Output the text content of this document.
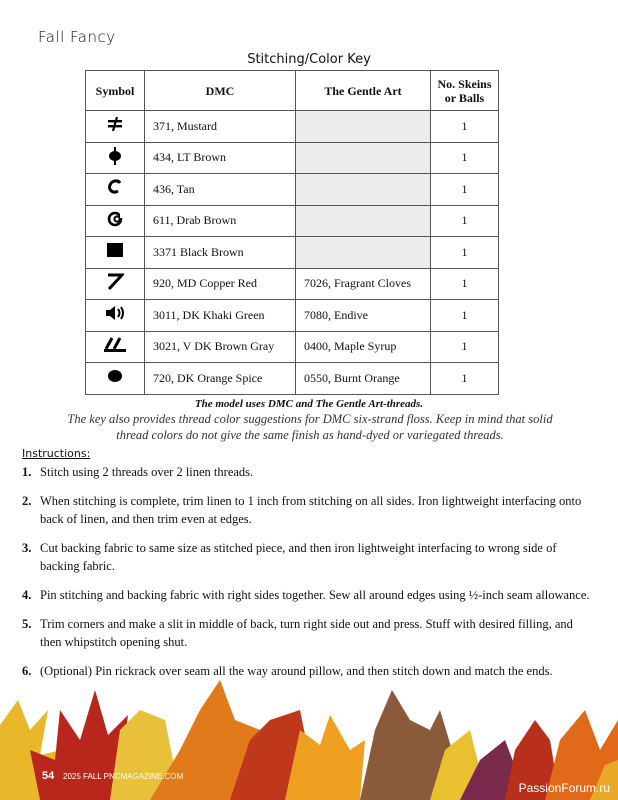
Fall Fancy
Stitching/Color Key
Symbol	DMC	The Gentle Art	No. Skeins or Balls
	371, Mustard		1
	434, LT Brown		1
	436, Tan		1
	611, Drab Brown		1
	3371 Black Brown		1
	920, MD Copper Red	7026, Fragrant Cloves	1
	3011, DK Khaki Green	7080, Endive	1
	3021, V DK Brown Gray	0400, Maple Syrup	1
	720, DK Orange Spice	0550, Burnt Orange	1
The model uses DMC and The Gentle Art-threads.
The key also provides thread color suggestions for DMC six-strand floss. Keep in mind that solid thread colors do not give the same finish as hand-dyed or variegated threads.
Instructions:
1. Stitch using 2 threads over 2 linen threads.
2. When stitching is complete, trim linen to 1 inch from stitching on all sides. Iron lightweight interfacing onto back of linen, and then trim even at edges.
3. Cut backing fabric to same size as stitched piece, and then iron lightweight interfacing to wrong side of backing fabric.
4. Pin stitching and backing fabric with right sides together. Sew all around edges using ½-inch seam allowance.
5. Trim corners and make a slit in middle of back, turn right side out and press. Stuff with desired filling, and then whipstitch opening shut.
6. (Optional) Pin rickrack over seam all the way around pillow, and then stitch down and match the ends.
54 2025 FALL PNCMAGAZINE.COM
PassionForum.ru
